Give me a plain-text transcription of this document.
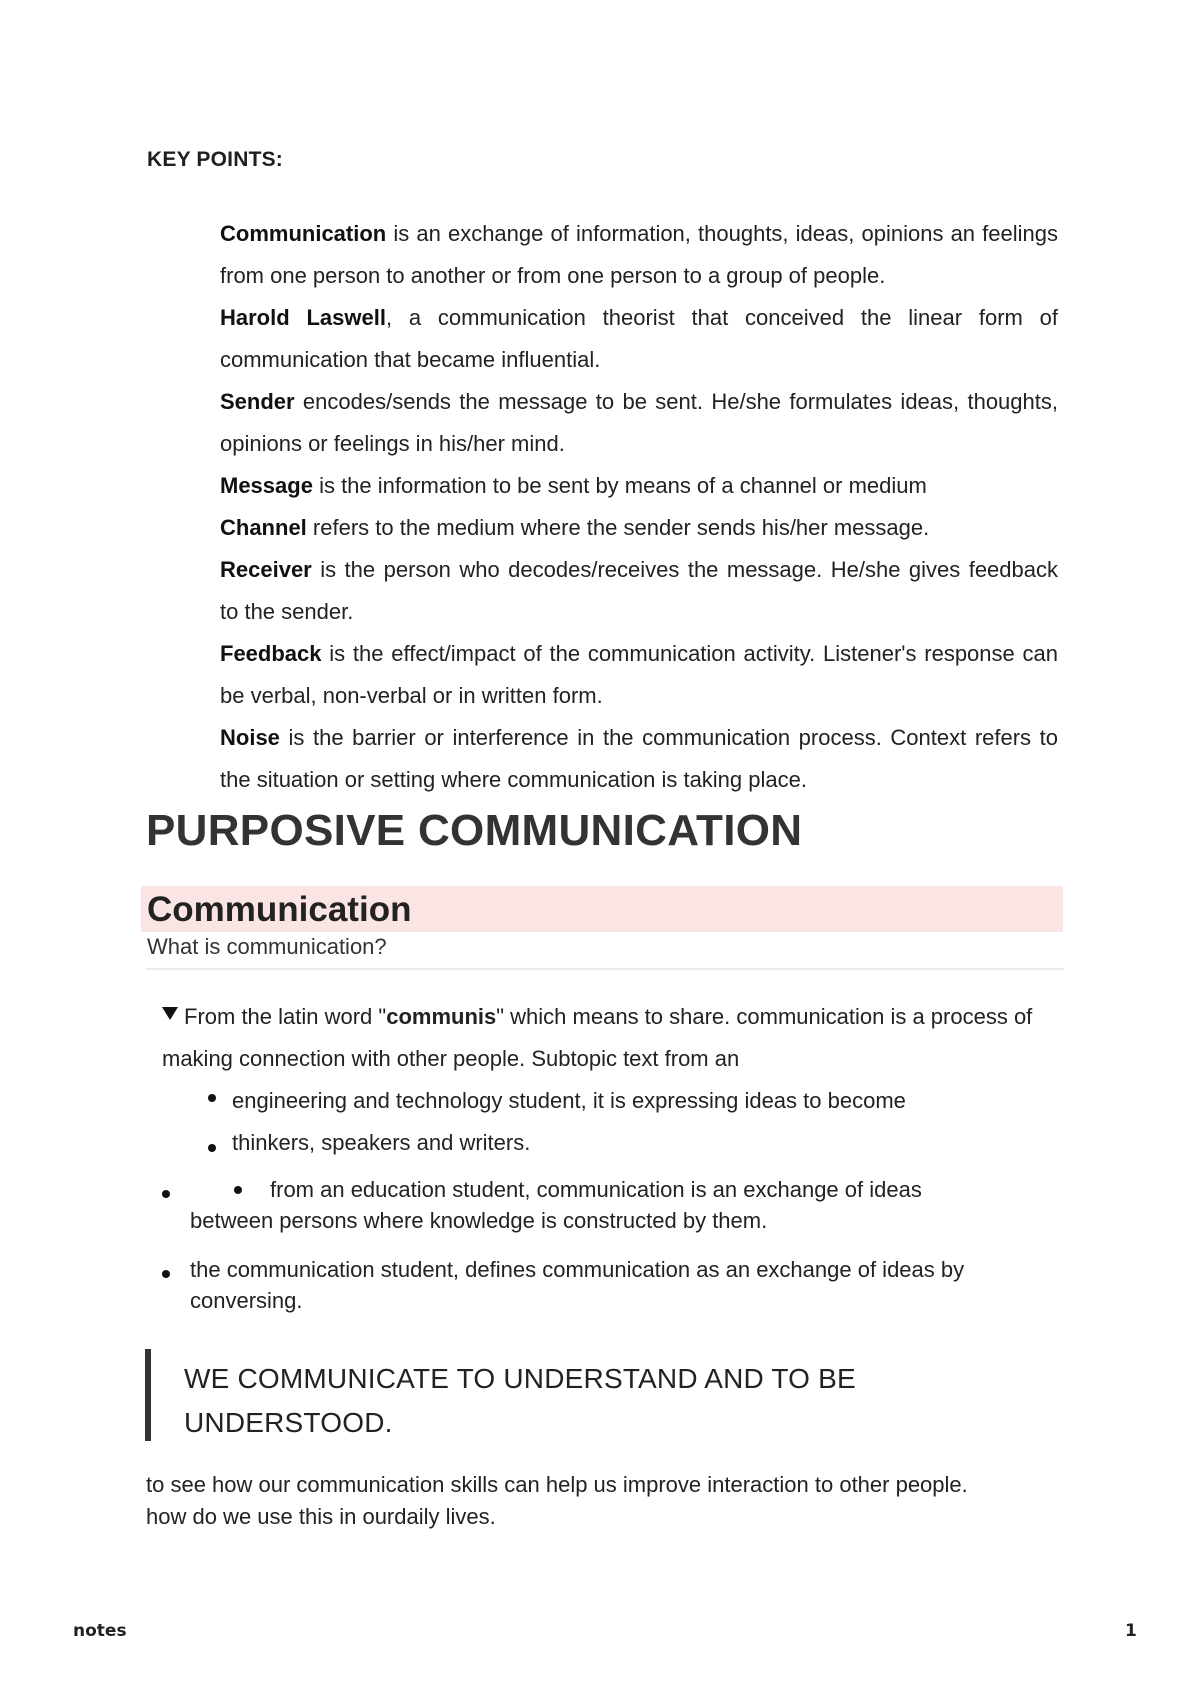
KEY POINTS:

Communication is an exchange of information, thoughts, ideas, opinions an feelings from one person to another or from one person to a group of people.

Harold Laswell, a communication theorist that conceived the linear form of communication that became influential.

Sender encodes/sends the message to be sent. He/she formulates ideas, thoughts, opinions or feelings in his/her mind.

Message is the information to be sent by means of a channel or medium

Channel refers to the medium where the sender sends his/her message.

Receiver is the person who decodes/receives the message. He/she gives feedback to the sender.

Feedback is the effect/impact of the communication activity. Listener's response can be verbal, non-verbal or in written form.

Noise is the barrier or interference in the communication process. Context refers to the situation or setting where communication is taking place.

PURPOSIVE COMMUNICATION
Communication
What is communication?
From the latin word "communis" which means to share. communication is a process of making connection with other people. Subtopic text from an
engineering and technology student, it is expressing ideas to become
thinkers, speakers and writers.
from an education student, communication is an exchange of ideas
between persons where knowledge is constructed by them.
the communication student, defines communication as an exchange of ideas by conversing.
WE COMMUNICATE TO UNDERSTAND AND TO BE UNDERSTOOD.
to see how our communication skills can help us improve interaction to other people.
how do we use this in ourdaily lives.
notes	1
